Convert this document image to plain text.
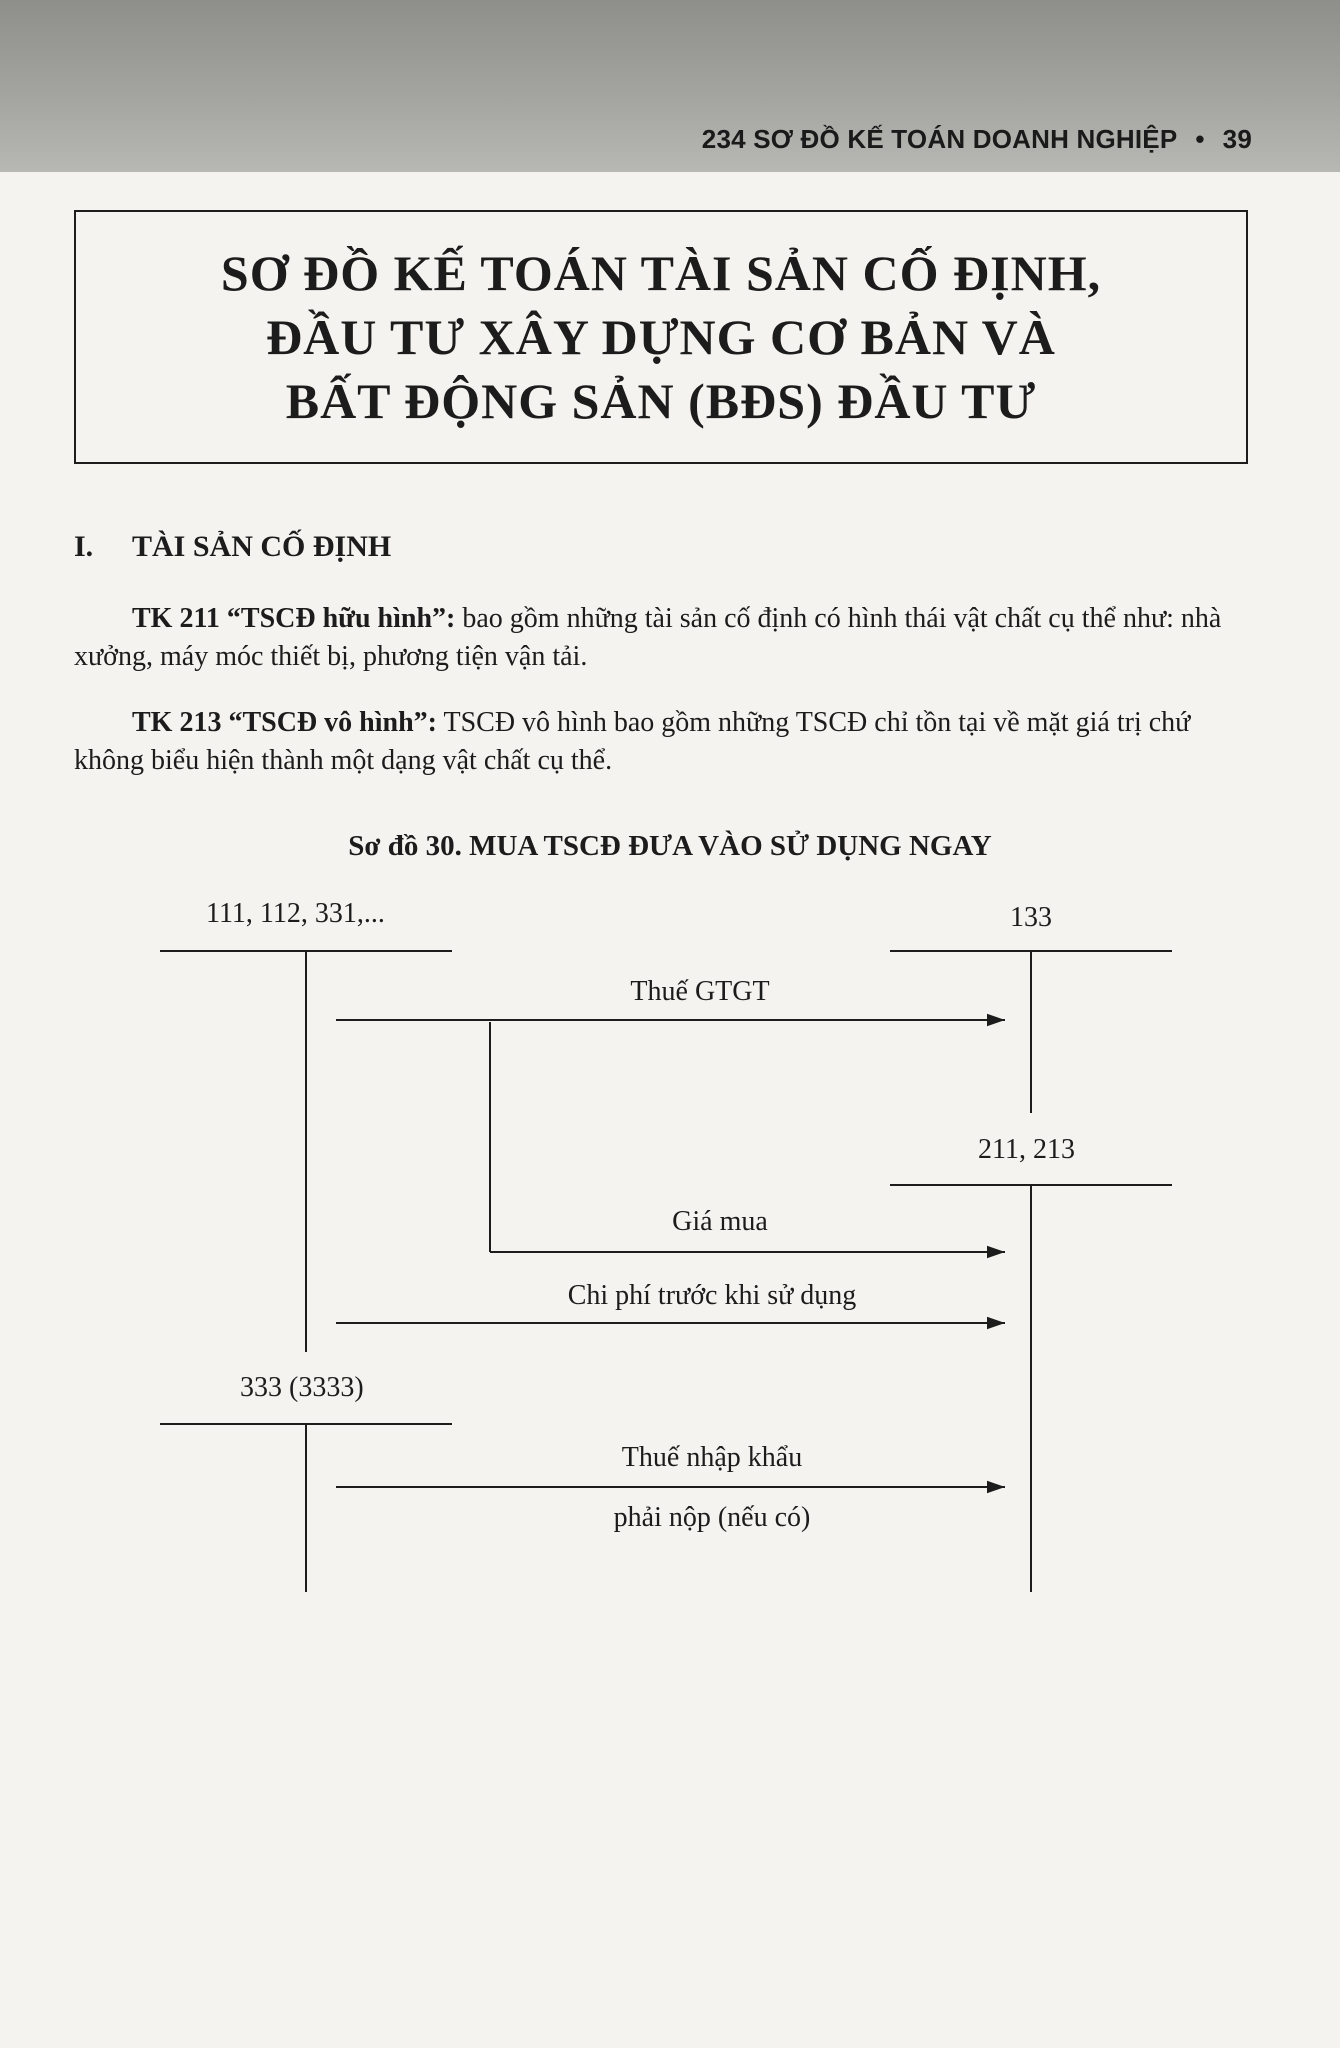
234 SƠ ĐỒ KẾ TOÁN DOANH NGHIỆP • 39
SƠ ĐỒ KẾ TOÁN TÀI SẢN CỐ ĐỊNH,
ĐẦU TƯ XÂY DỰNG CƠ BẢN VÀ
BẤT ĐỘNG SẢN (BĐS) ĐẦU TƯ
I. TÀI SẢN CỐ ĐỊNH

TK 211 “TSCĐ hữu hình”: bao gồm những tài sản cố định có hình thái vật chất cụ thể như: nhà xưởng, máy móc thiết bị, phương tiện vận tải.

TK 213 “TSCĐ vô hình”: TSCĐ vô hình bao gồm những TSCĐ chỉ tồn tại về mặt giá trị chứ không biểu hiện thành một dạng vật chất cụ thể.

Sơ đồ 30. MUA TSCĐ ĐƯA VÀO SỬ DỤNG NGAY
111, 112, 331,...	133
211, 213
333 (3333)
Thuế GTGT
Giá mua
Chi phí trước khi sử dụng
Thuế nhập khẩu
phải nộp (nếu có)
